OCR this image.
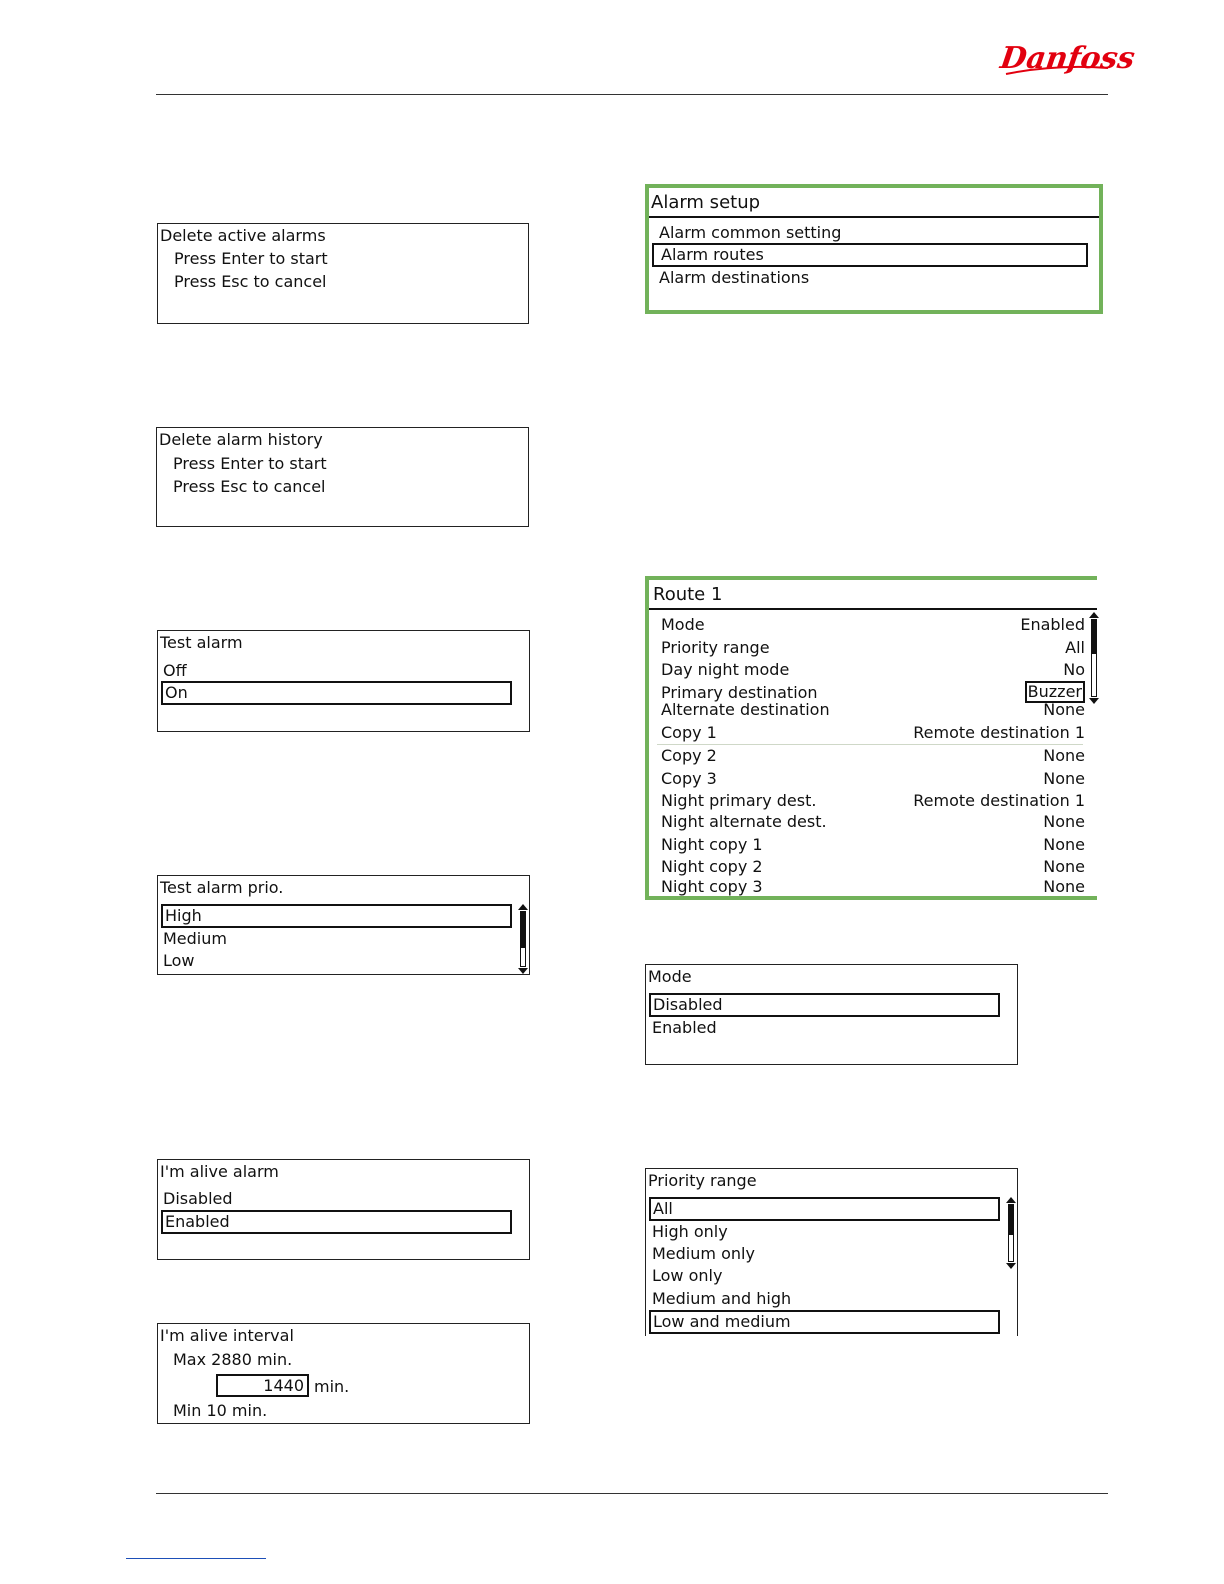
Danfoss
Delete active alarms
Press Enter to start
Press Esc to cancel
Delete alarm history
Press Enter to start
Press Esc to cancel
Test alarm
Off
On
Test alarm prio.
High
Medium
Low
I'm alive alarm
Disabled
Enabled
I'm alive interval
Max 2880 min.
1440 min.
Min 10 min.
Alarm setup
Alarm common setting
Alarm routes
Alarm destinations
Route 1
Mode	Enabled
Priority range	All
Day night mode	No
Primary destination	Buzzer
Alternate destination	None
Copy 1	Remote destination 1
Copy 2	None
Copy 3	None
Night primary dest.	Remote destination 1
Night alternate dest.	None
Night copy 1	None
Night copy 2	None
Night copy 3	None
Mode
Disabled
Enabled
Priority range
All
High only
Medium only
Low only
Medium and high
Low and medium
